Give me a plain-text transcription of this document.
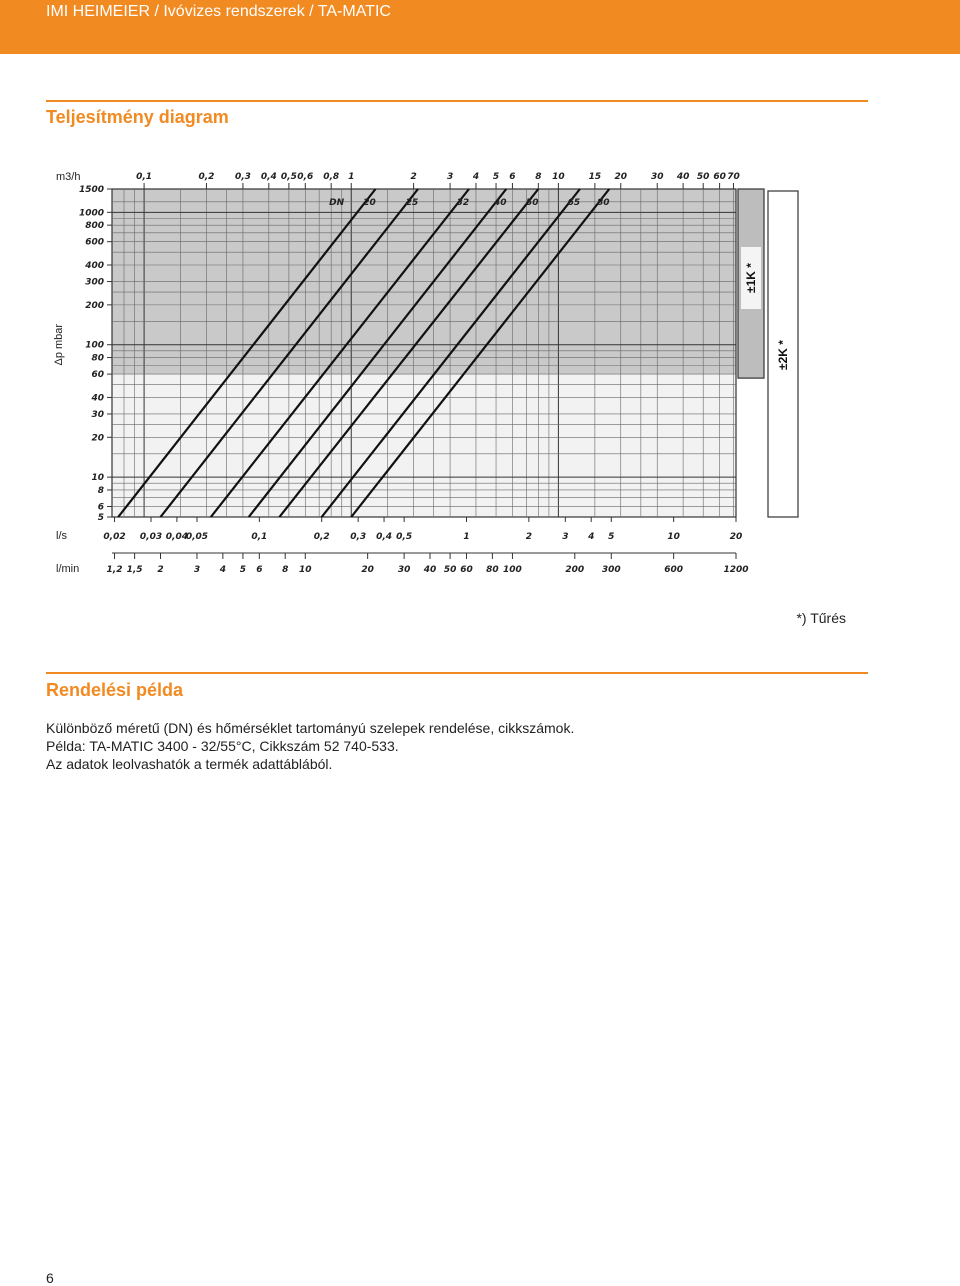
IMI HEIMEIER / Ivóvizes rendszerek / TA-MATIC
Teljesítmény diagram
20	25	32	40 50	65 80
DN
0,1	0,2 0,3 0,4 0,5 0,6 0,8 1	2	3 4 5 6 8 10	15 20	30 40 50 60 70
1500
1000
800
600
400
300
200
100
80
60
40
30
20
10
8
6
5
0,02 0,03 0,04
0,05	0,1	0,2 0,3 0,4 0,5	1	2	3 4 5	10	20
1,2 1,5 2	3 4 5 6 8 10	20	30 40 50 60 80 100	200 300	600	1200
m3/h
Δp mbar
l/s
l/min
±1K *
±2K *
*) Tűrés
Rendelési példa
Különböző méretű (DN) és hőmérséklet tartományú szelepek rendelése, cikkszámok.
Példa: TA-MATIC 3400 - 32/55°C, Cikkszám 52 740-533.
Az adatok leolvashatók a termék adattáblából.
6
